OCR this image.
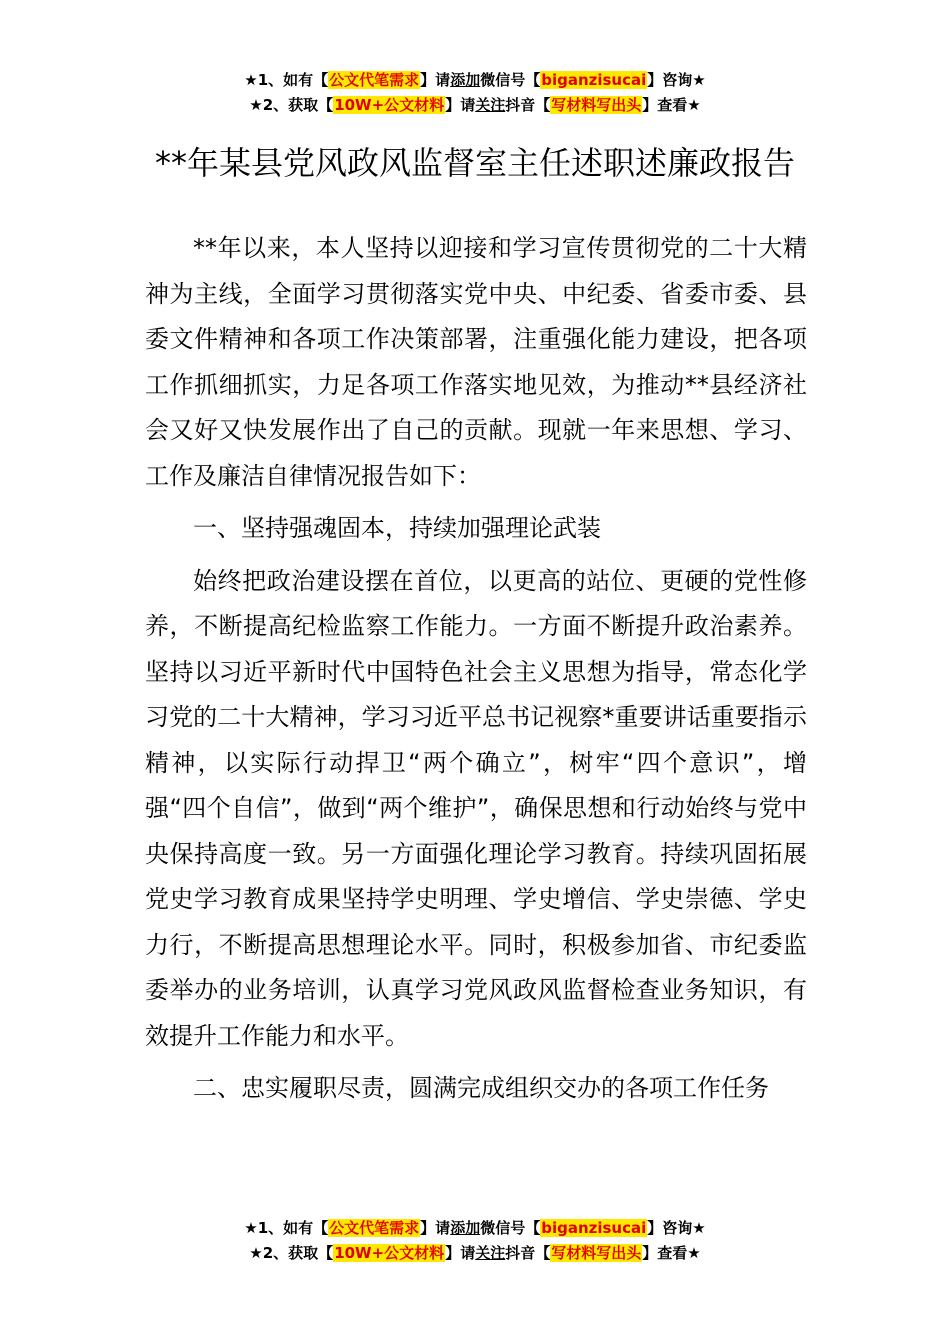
★1、如有【公文代笔需求】请添加微信号【biganzisucai】咨询★
★2、获取【10W+公文材料】请关注抖音【写材料写出头】查看★
**年某县党风政风监督室主任述职述廉政报告

**年以来，本人坚持以迎接和学习宣传贯彻党的二十大精神为主线，全面学习贯彻落实党中央、中纪委、省委市委、县委文件精神和各项工作决策部署，注重强化能力建设，把各项工作抓细抓实，力足各项工作落实地见效，为推动**县经济社会又好又快发展作出了自己的贡献。现就一年来思想、学习、工作及廉洁自律情况报告如下：

一、坚持强魂固本，持续加强理论武装

始终把政治建设摆在首位，以更高的站位、更硬的党性修养，不断提高纪检监察工作能力。一方面不断提升政治素养。坚持以习近平新时代中国特色社会主义思想为指导，常态化学习党的二十大精神，学习习近平总书记视察*重要讲话重要指示精神，以实际行动捍卫“两个确立”，树牢“四个意识”，增强“四个自信”，做到“两个维护”，确保思想和行动始终与党中央保持高度一致。另一方面强化理论学习教育。持续巩固拓展党史学习教育成果坚持学史明理、学史增信、学史崇德、学史力行，不断提高思想理论水平。同时，积极参加省、市纪委监委举办的业务培训，认真学习党风政风监督检查业务知识，有效提升工作能力和水平。

二、忠实履职尽责，圆满完成组织交办的各项工作任务

★1、如有【公文代笔需求】请添加微信号【biganzisucai】咨询★
★2、获取【10W+公文材料】请关注抖音【写材料写出头】查看★
